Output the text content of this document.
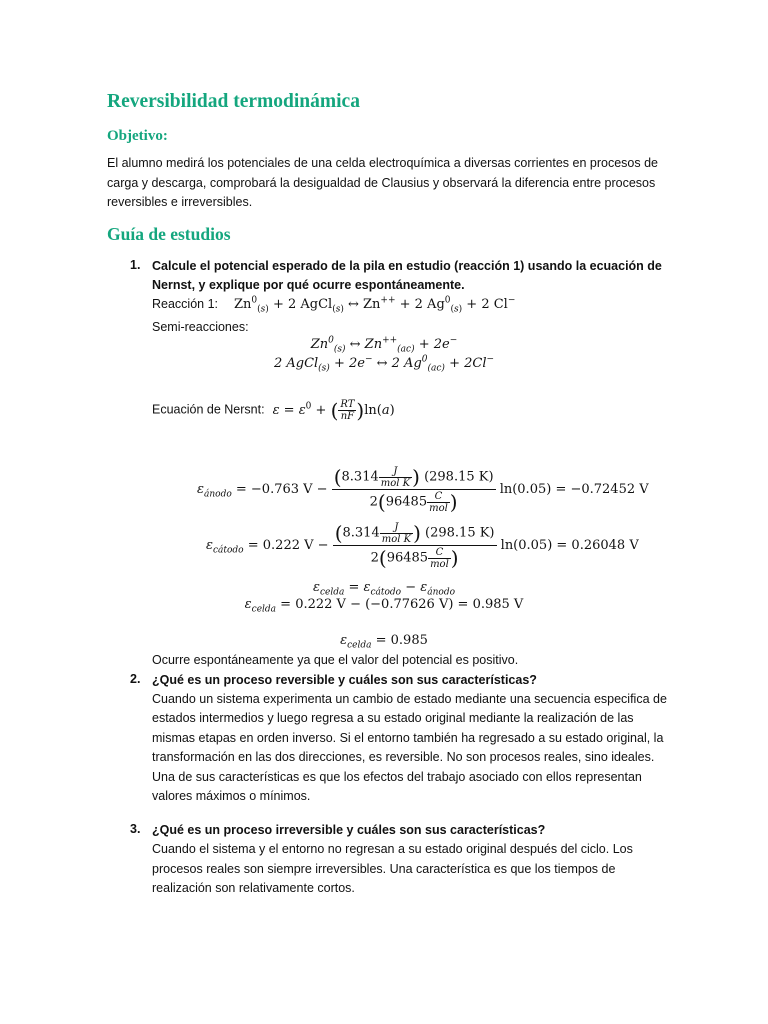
Reversibilidad termodinámica
Objetivo:
El alumno medirá los potenciales de una celda electroquímica a diversas corrientes en procesos de carga y descarga, comprobará la desigualdad de Clausius y observará la diferencia entre procesos reversibles e irreversibles.
Guía de estudios
1. Calcule el potencial esperado de la pila en estudio (reacción 1) usando la ecuación de Nernst, y explique por qué ocurre espontáneamente.
Reacción 1: $Zn^0_{(s)} + 2$ AgCl$_{(s)}$ ↔ Zn++ + 2 $Ag^0_{(s)} + 2$ Cl−
Semi-reacciones:
$Zn^0_{(s)}$ ↔ $Zn^{++}_{(ac)} + 2e^-$
2 AgCl$_{(s)}$ + 2e− ↔ 2 $Ag^0_{(ac)} + 2Cl^-$
Ecuación de Nersnt: $\varepsilon = \varepsilon^0$ + ( $\frac{RT}{nF} )\ln(a)$
$\varepsilon_{ánodo} = -0.763$ $V - \frac{(8.314 \frac{J}{\text{mol K}} ) (298.15 K)}{2(96485 \frac{C}{\text{mol}} )} \ln(0.05) = -0.72452$ V
$\varepsilon_{cátodo} = 0.222$ $V - \frac{(8.314 \frac{J}{\text{mol K}} ) (298.15 K)}{2(96485 \frac{C}{\text{mol}} )} \ln(0.05) = 0.26048$ V
$\varepsilon_{celda} = \varepsilon_{cátodo} - \varepsilon_{ánodo}$
$\varepsilon_{celda} = 0.222$ V − (−0.77626 V) = 0.985 V
$\varepsilon_{celda} = 0.985$
Ocurre espontáneamente ya que el valor del potencial es positivo.
2. ¿Qué es un proceso reversible y cuáles son sus características?
Cuando un sistema experimenta un cambio de estado mediante una secuencia especifica de estados intermedios y luego regresa a su estado original mediante la realización de las mismas etapas en orden inverso. Si el entorno también ha regresado a su estado original, la transformación en las dos direcciones, es reversible. No son procesos reales, sino ideales. Una de sus características es que los efectos del trabajo asociado con ellos representan valores máximos o mínimos.
3. ¿Qué es un proceso irreversible y cuáles son sus características?
Cuando el sistema y el entorno no regresan a su estado original después del ciclo. Los procesos reales son siempre irreversibles. Una característica es que los tiempos de realización son relativamente cortos.
